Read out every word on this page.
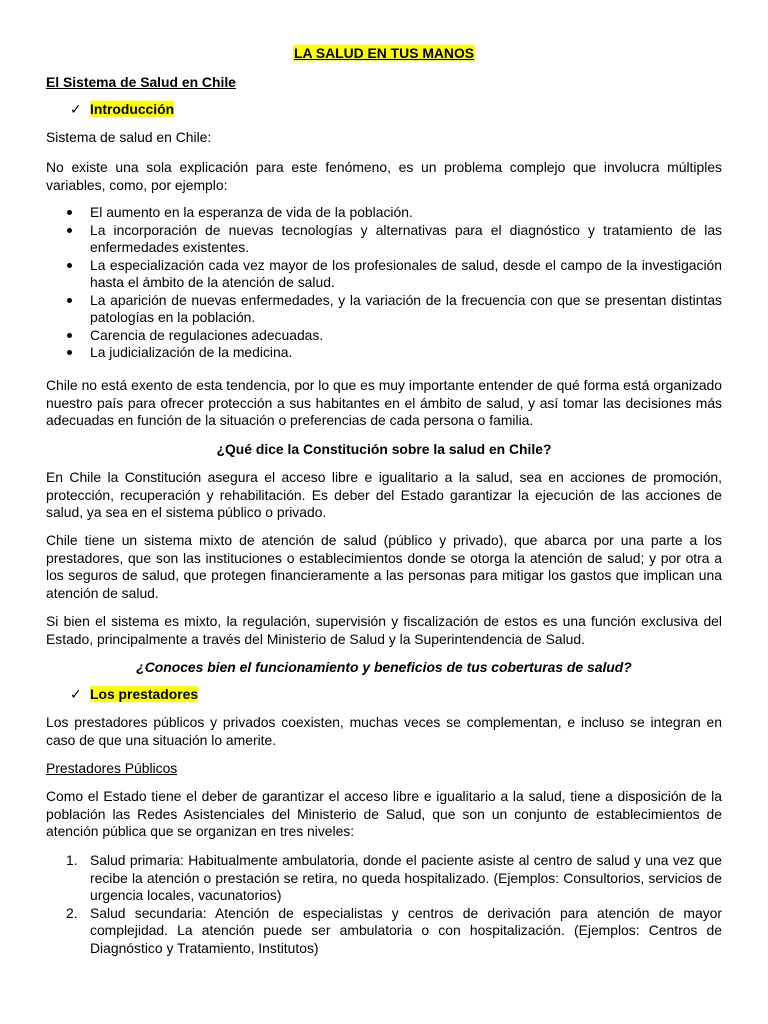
LA SALUD EN TUS MANOS

El Sistema de Salud en Chile

✓ Introducción

Sistema de salud en Chile:

No existe una sola explicación para este fenómeno, es un problema complejo que involucra múltiples variables, como, por ejemplo:

El aumento en la esperanza de vida de la población.
La incorporación de nuevas tecnologías y alternativas para el diagnóstico y tratamiento de las enfermedades existentes.
La especialización cada vez mayor de los profesionales de salud, desde el campo de la investigación hasta el ámbito de la atención de salud.
La aparición de nuevas enfermedades, y la variación de la frecuencia con que se presentan distintas patologías en la población.
Carencia de regulaciones adecuadas.
La judicialización de la medicina.

Chile no está exento de esta tendencia, por lo que es muy importante entender de qué forma está organizado nuestro país para ofrecer protección a sus habitantes en el ámbito de salud, y así tomar las decisiones más adecuadas en función de la situación o preferencias de cada persona o familia.

¿Qué dice la Constitución sobre la salud en Chile?

En Chile la Constitución asegura el acceso libre e igualitario a la salud, sea en acciones de promoción, protección, recuperación y rehabilitación. Es deber del Estado garantizar la ejecución de las acciones de salud, ya sea en el sistema público o privado.

Chile tiene un sistema mixto de atención de salud (público y privado), que abarca por una parte a los prestadores, que son las instituciones o establecimientos donde se otorga la atención de salud; y por otra a los seguros de salud, que protegen financieramente a las personas para mitigar los gastos que implican una atención de salud.

Si bien el sistema es mixto, la regulación, supervisión y fiscalización de estos es una función exclusiva del Estado, principalmente a través del Ministerio de Salud y la Superintendencia de Salud.

¿Conoces bien el funcionamiento y beneficios de tus coberturas de salud?

✓ Los prestadores

Los prestadores públicos y privados coexisten, muchas veces se complementan, e incluso se integran en caso de que una situación lo amerite.

Prestadores Públicos

Como el Estado tiene el deber de garantizar el acceso libre e igualitario a la salud, tiene a disposición de la población las Redes Asistenciales del Ministerio de Salud, que son un conjunto de establecimientos de atención pública que se organizan en tres niveles:

1. Salud primaria: Habitualmente ambulatoria, donde el paciente asiste al centro de salud y una vez que recibe la atención o prestación se retira, no queda hospitalizado. (Ejemplos: Consultorios, servicios de urgencia locales, vacunatorios)
2. Salud secundaria: Atención de especialistas y centros de derivación para atención de mayor complejidad. La atención puede ser ambulatoria o con hospitalización. (Ejemplos: Centros de Diagnóstico y Tratamiento, Institutos)
